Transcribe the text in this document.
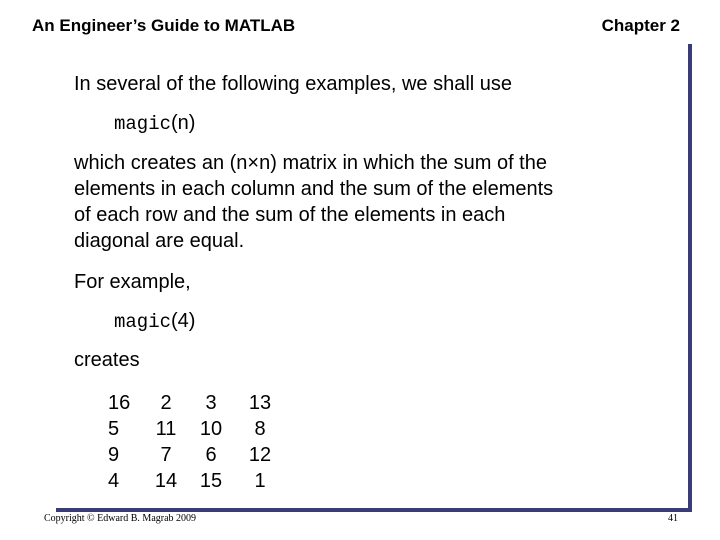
An Engineer’s Guide to MATLAB	Chapter 2
In several of the following examples, we shall use
magic(n)
which creates an (n×n) matrix in which the sum of the
elements in each column and the sum of the elements
of each row and the sum of the elements in each
diagonal are equal.
For example,
magic(4)
creates
16	2	3	13
5	11	10	8
9	7	6	12
4	14	15	1
Copyright © Edward B. Magrab 2009	41
